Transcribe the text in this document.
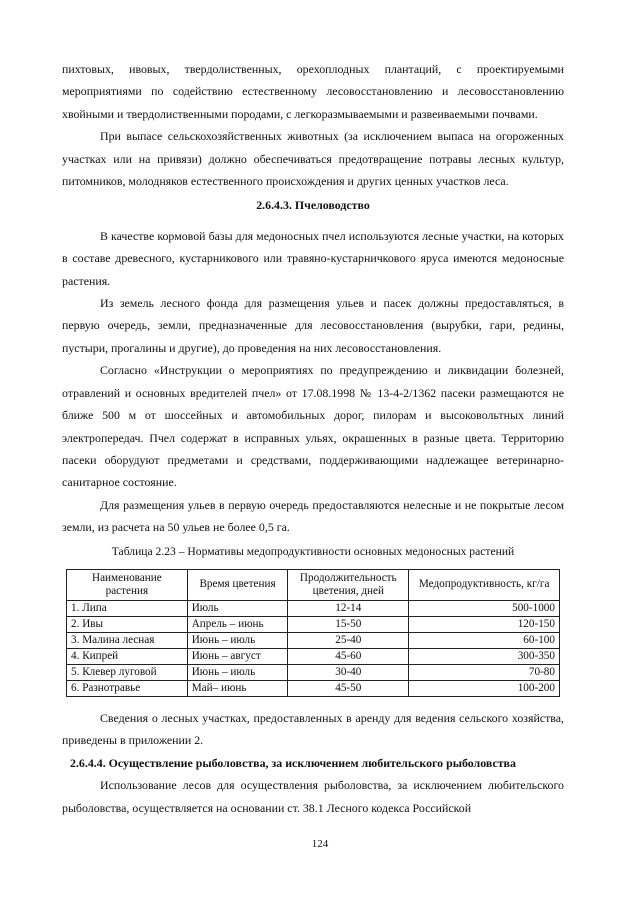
пихтовых, ивовых, твердолиственных, орехоплодных плантаций, с проектируемыми мероприятиями по содействию естественному лесовосстановлению и лесовосстановлению хвойными и твердолиственными породами, с легкоразмываемыми и развеиваемыми почвами.

При выпасе сельскохозяйственных животных (за исключением выпаса на огороженных участках или на привязи) должно обеспечиваться предотвращение потравы лесных культур, питомников, молодняков естественного происхождения и других ценных участков леса.

2.6.4.3. Пчеловодство

В качестве кормовой базы для медоносных пчел используются лесные участки, на которых в составе древесного, кустарникового или травяно-кустарничкового яруса имеются медоносные растения.

Из земель лесного фонда для размещения ульев и пасек должны предоставляться, в первую очередь, земли, предназначенные для лесовосстановления (вырубки, гари, редины, пустыри, прогалины и другие), до проведения на них лесовосстановления.

Согласно «Инструкции о мероприятиях по предупреждению и ликвидации болезней, отравлений и основных вредителей пчел» от 17.08.1998 № 13-4-2/1362 пасеки размещаются не ближе 500 м от шоссейных и автомобильных дорог, пилорам и высоковольтных линий электропередач. Пчел содержат в исправных ульях, окрашенных в разные цвета. Территорию пасеки оборудуют предметами и средствами, поддерживающими надлежащее ветеринарно-санитарное состояние.

Для размещения ульев в первую очередь предоставляются нелесные и не покрытые лесом земли, из расчета на 50 ульев не более 0,5 га.

Таблица 2.23 – Нормативы медопродуктивности основных медоносных растений

Наименование растения	Время цветения	Продолжительность цветения, дней	Медопродуктивность, кг/га
1. Липа	Июль	12-14	500-1000
2. Ивы	Апрель – июнь	15-50	120-150
3. Малина лесная	Июнь – июль	25-40	60-100
4. Кипрей	Июнь – август	45-60	300-350
5. Клевер луговой	Июнь – июль	30-40	70-80
6. Разнотравье	Май– июнь	45-50	100-200

Сведения о лесных участках, предоставленных в аренду для ведения сельского хозяйства, приведены в приложении 2.

2.6.4.4. Осуществление рыболовства, за исключением любительского рыболовства

Использование лесов для осуществления рыболовства, за исключением любительского рыболовства, осуществляется на основании ст. 38.1 Лесного кодекса Российской

124
